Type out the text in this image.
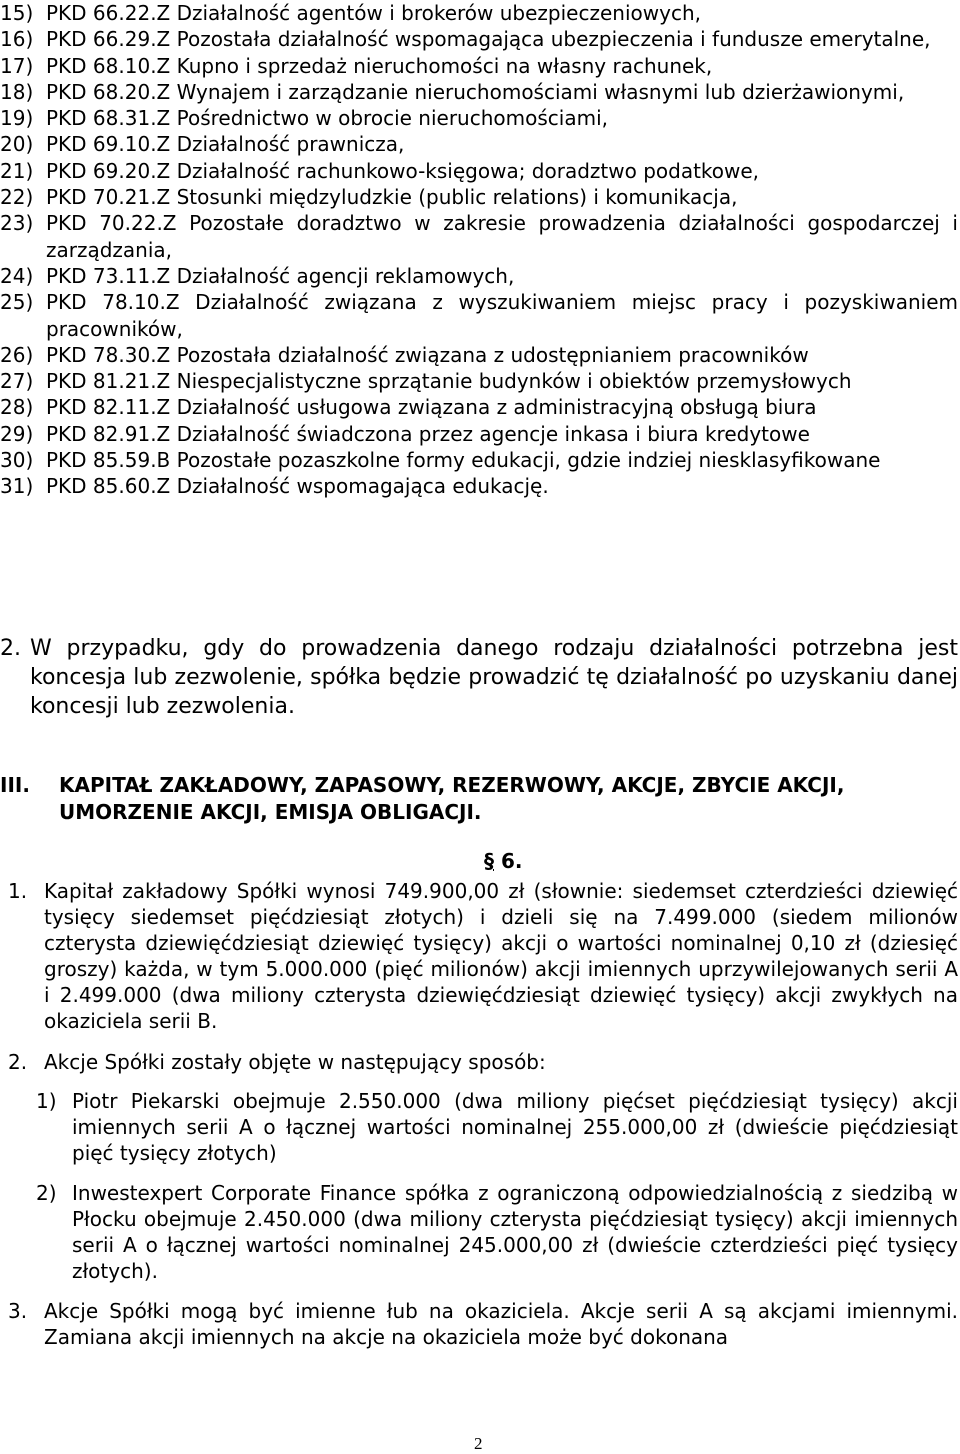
15) PKD 66.22.Z Działalność agentów i brokerów ubezpieczeniowych,
16) PKD 66.29.Z Pozostała działalność wspomagająca ubezpieczenia i fundusze emerytalne,
17) PKD 68.10.Z Kupno i sprzedaż nieruchomości na własny rachunek,
18) PKD 68.20.Z Wynajem i zarządzanie nieruchomościami własnymi lub dzierżawionymi,
19) PKD 68.31.Z Pośrednictwo w obrocie nieruchomościami,
20) PKD 69.10.Z Działalność prawnicza,
21) PKD 69.20.Z Działalność rachunkowo-księgowa; doradztwo podatkowe,
22) PKD 70.21.Z Stosunki międzyludzkie (public relations) i komunikacja,
23) PKD 70.22.Z Pozostałe doradztwo w zakresie prowadzenia działalności gospodarczej i zarządzania,
24) PKD 73.11.Z Działalność agencji reklamowych,
25) PKD 78.10.Z Działalność związana z wyszukiwaniem miejsc pracy i pozyskiwaniem pracowników,
26) PKD 78.30.Z Pozostała działalność związana z udostępnianiem pracowników
27) PKD 81.21.Z Niespecjalistyczne sprzątanie budynków i obiektów przemysłowych
28) PKD 82.11.Z Działalność usługowa związana z administracyjną obsługą biura
29) PKD 82.91.Z Działalność świadczona przez agencje inkasa i biura kredytowe
30) PKD 85.59.B Pozostałe pozaszkolne formy edukacji, gdzie indziej niesklasyfikowane
31) PKD 85.60.Z Działalność wspomagająca edukację.
2. W przypadku, gdy do prowadzenia danego rodzaju działalności potrzebna jest koncesja lub zezwolenie, spółka będzie prowadzić tę działalność po uzyskaniu danej koncesji lub zezwolenia.
III.	KAPITAŁ ZAKŁADOWY, ZAPASOWY, REZERWOWY, AKCJE, ZBYCIE AKCJI, UMORZENIE AKCJI, EMISJA OBLIGACJI.
§ 6.
1. Kapitał zakładowy Spółki wynosi 749.900,00 zł (słownie: siedemset czterdzieści dziewięć tysięcy siedemset pięćdziesiąt złotych) i dzieli się na 7.499.000 (siedem milionów czterysta dziewięćdziesiąt dziewięć tysięcy) akcji o wartości nominalnej 0,10 zł (dziesięć groszy) każda, w tym 5.000.000 (pięć milionów) akcji imiennych uprzywilejowanych serii A i 2.499.000 (dwa miliony czterysta dziewięćdziesiąt dziewięć tysięcy) akcji zwykłych na okaziciela serii B.
2. Akcje Spółki zostały objęte w następujący sposób:
1) Piotr Piekarski obejmuje 2.550.000 (dwa miliony pięćset pięćdziesiąt tysięcy) akcji imiennych serii A o łącznej wartości nominalnej 255.000,00 zł (dwieście pięćdziesiąt pięć tysięcy złotych)
2) Inwestexpert Corporate Finance spółka z ograniczoną odpowiedzialnością z siedzibą w Płocku obejmuje 2.450.000 (dwa miliony czterysta pięćdziesiąt tysięcy) akcji imiennych serii A o łącznej wartości nominalnej 245.000,00 zł (dwieście czterdzieści pięć tysięcy złotych).
3. Akcje Spółki mogą być imienne łub na okaziciela. Akcje serii A są akcjami imiennymi. Zamiana akcji imiennych na akcje na okaziciela może być dokonana
2
